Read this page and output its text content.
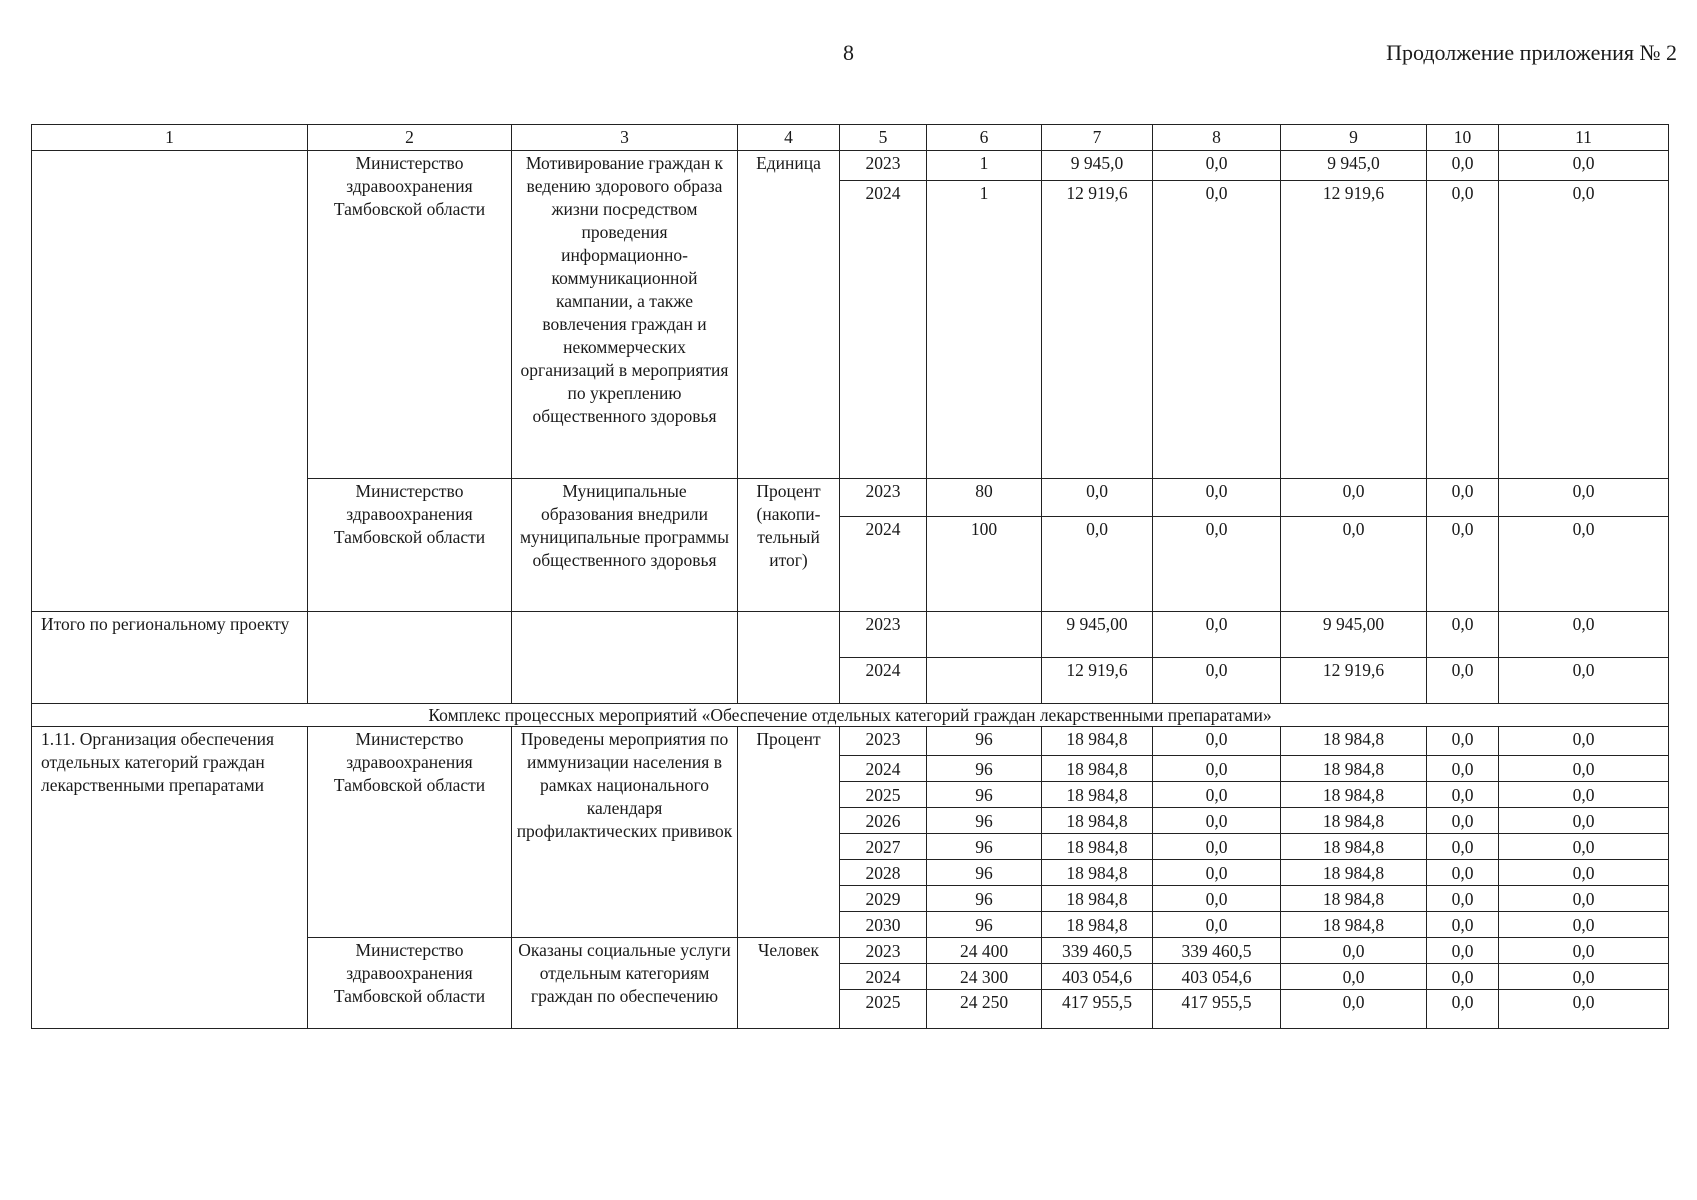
8	Продолжение приложения № 2
1	2	3	4	5	6	7	8	9	10	11
	Министерство здравоохранения Тамбовской области	Мотивирование граждан к ведению здорового образа жизни посредством проведения информационно-коммуникационной кампании, а также вовлечения граждан и некоммерческих организаций в мероприятия по укреплению общественного здоровья	Единица	2023	1	9 945,0	0,0	9 945,0	0,0	0,0
				2024	1	12 919,6	0,0	12 919,6	0,0	0,0
	Министерство здравоохранения Тамбовской области	Муниципальные образования внедрили муниципальные программы общественного здоровья	Процент (накопи-тельный итог)	2023	80	0,0	0,0	0,0	0,0	0,0
				2024	100	0,0	0,0	0,0	0,0	0,0
Итого по региональному проекту				2023		9 945,00	0,0	9 945,00	0,0	0,0
				2024		12 919,6	0,0	12 919,6	0,0	0,0
Комплекс процессных мероприятий «Обеспечение отдельных категорий граждан лекарственными препаратами»										
1.11. Организация обеспечения отдельных категорий граждан лекарственными препаратами	Министерство здравоохранения Тамбовской области	Проведены мероприятия по иммунизации населения в рамках национального календаря профилактических прививок	Процент	2023	96	18 984,8	0,0	18 984,8	0,0	0,0
				2024	96	18 984,8	0,0	18 984,8	0,0	0,0
				2025	96	18 984,8	0,0	18 984,8	0,0	0,0
				2026	96	18 984,8	0,0	18 984,8	0,0	0,0
				2027	96	18 984,8	0,0	18 984,8	0,0	0,0
				2028	96	18 984,8	0,0	18 984,8	0,0	0,0
				2029	96	18 984,8	0,0	18 984,8	0,0	0,0
				2030	96	18 984,8	0,0	18 984,8	0,0	0,0
	Министерство здравоохранения Тамбовской области	Оказаны социальные услуги отдельным категориям граждан по обеспечению	Человек	2023	24 400	339 460,5	339 460,5	0,0	0,0	0,0
				2024	24 300	403 054,6	403 054,6	0,0	0,0	0,0
				2025	24 250	417 955,5	417 955,5	0,0	0,0	0,0
